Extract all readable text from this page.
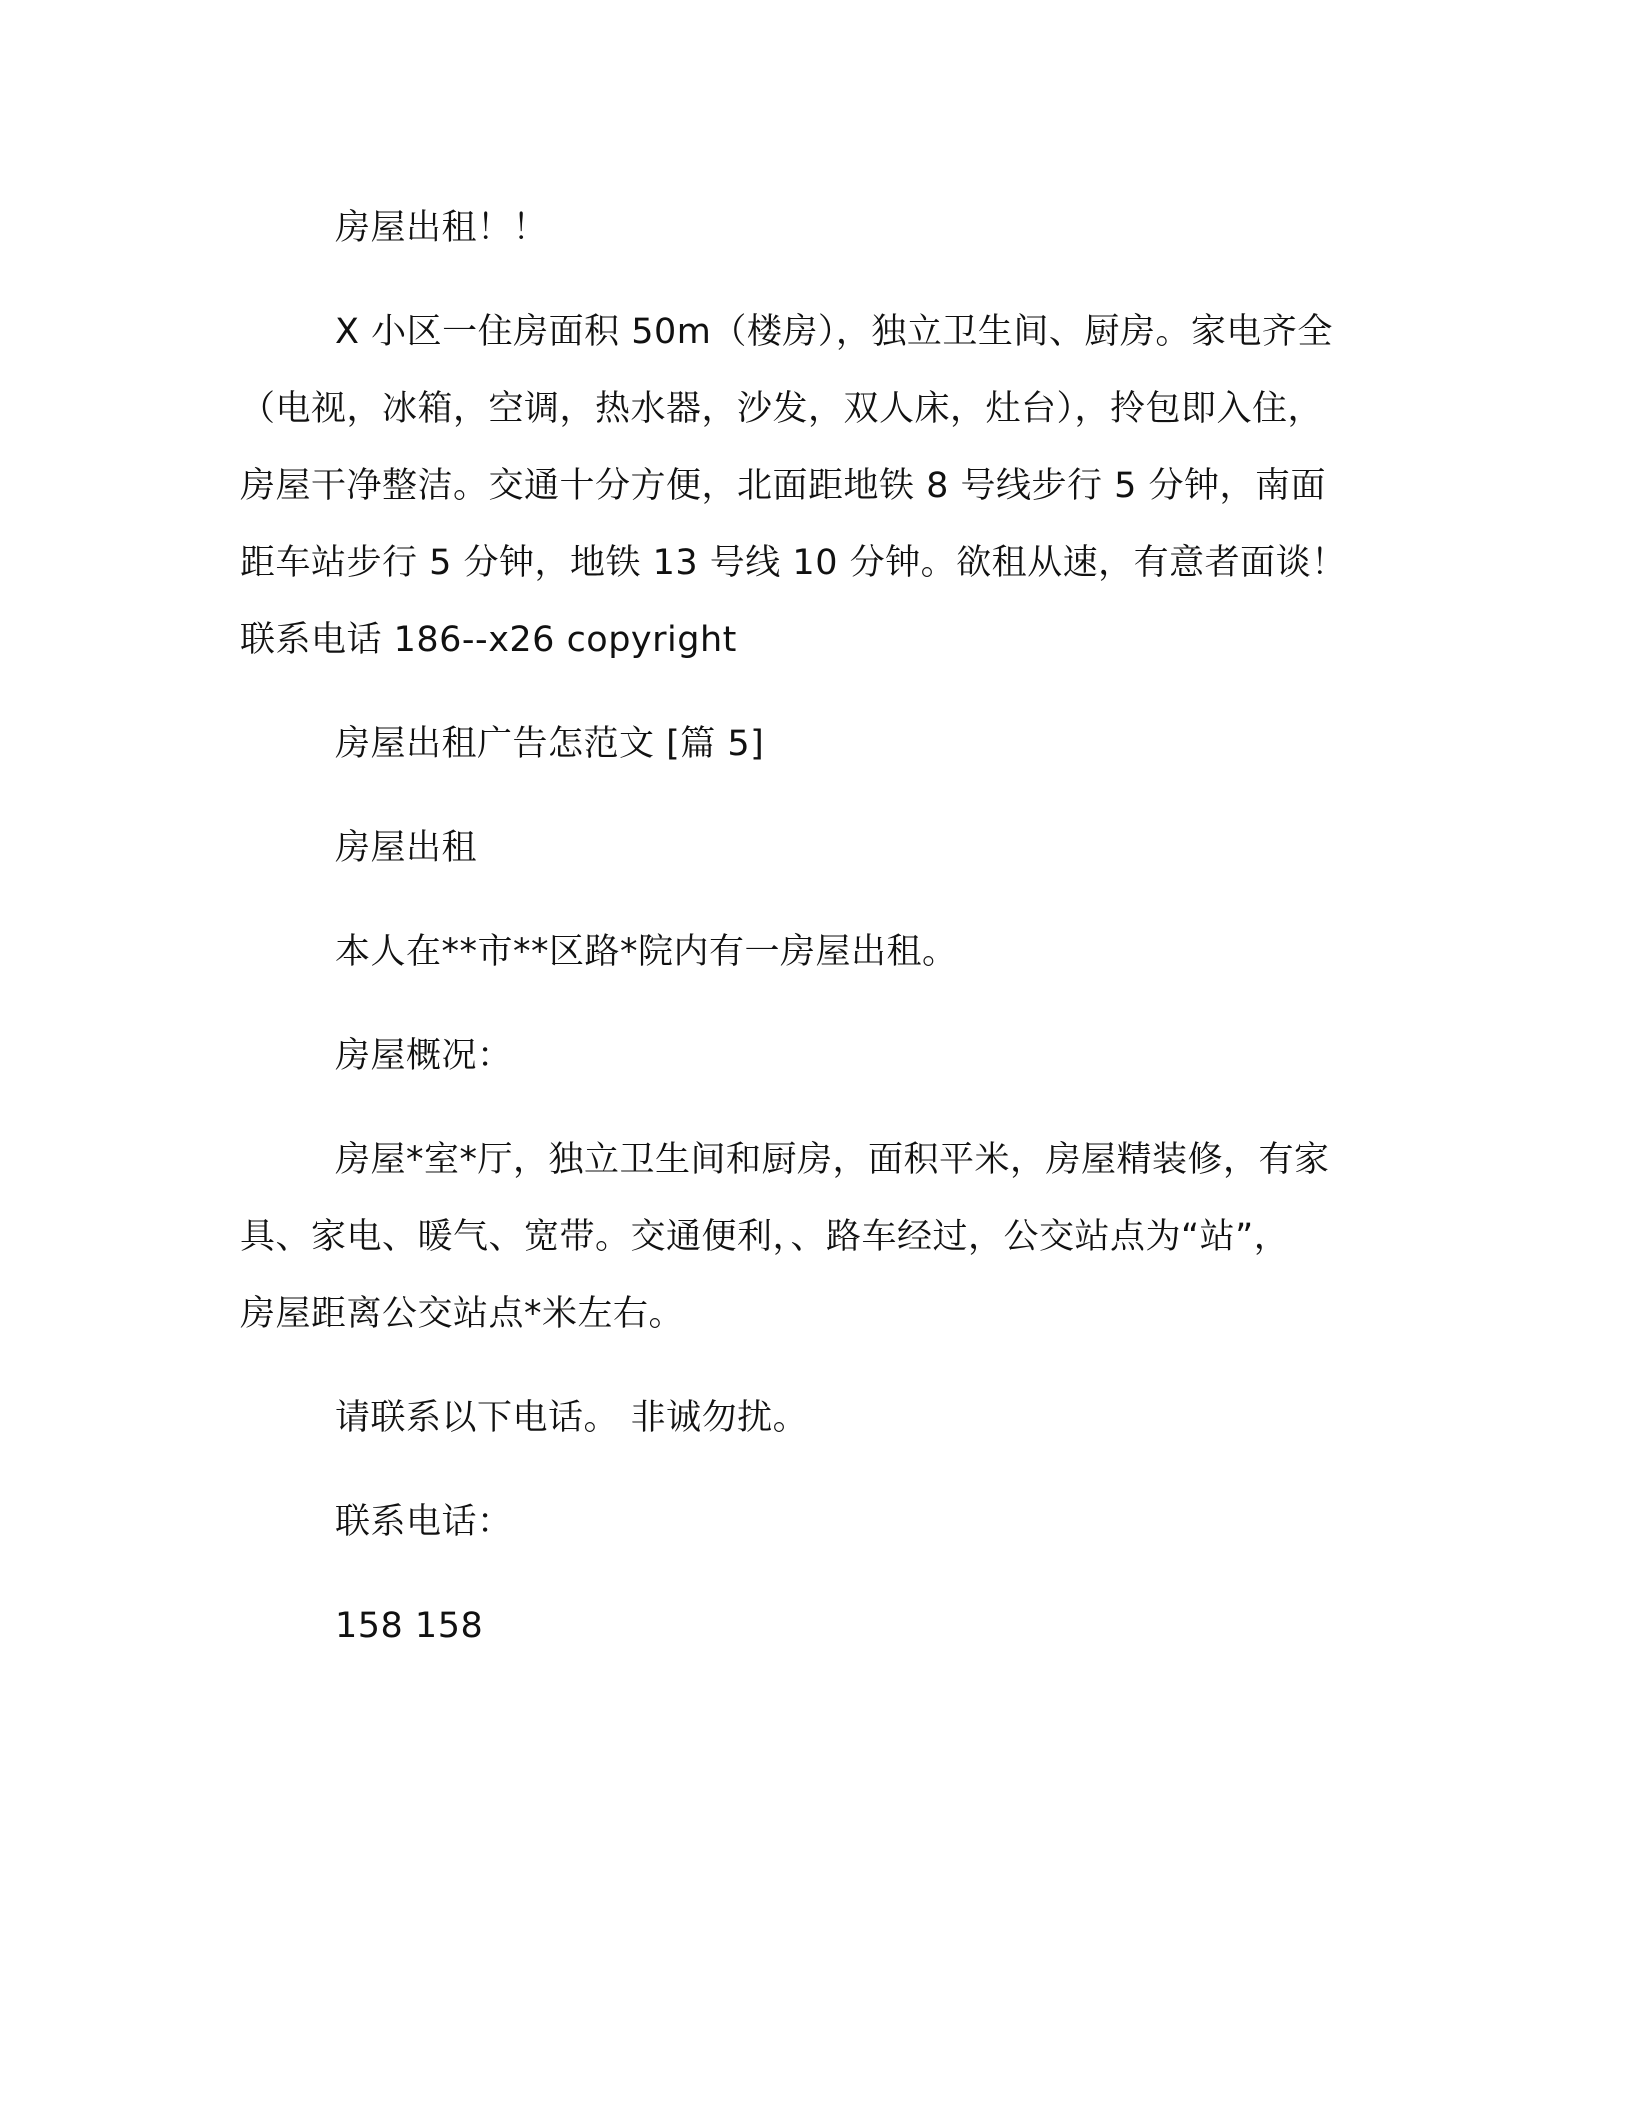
房屋出租！！
X 小区一住房面积 50m（楼房），独立卫生间、厨房。家电齐全
（电视，冰箱，空调，热水器，沙发，双人床，灶台），拎包即入住，
房屋干净整洁。交通十分方便，北面距地铁 8 号线步行 5 分钟，南面
距车站步行 5 分钟，地铁 13 号线 10 分钟。欲租从速，有意者面谈！
联系电话 186--x26 copyright
房屋出租广告怎范文 [篇 5]
房屋出租
本人在**市**区路*院内有一房屋出租。
房屋概况：
房屋*室*厅，独立卫生间和厨房，面积平米，房屋精装修，有家
具、家电、暖气、宽带。交通便利，、路车经过，公交站点为“站”，
房屋距离公交站点*米左右。
请联系以下电话。 非诚勿扰。
联系电话：
158 158
